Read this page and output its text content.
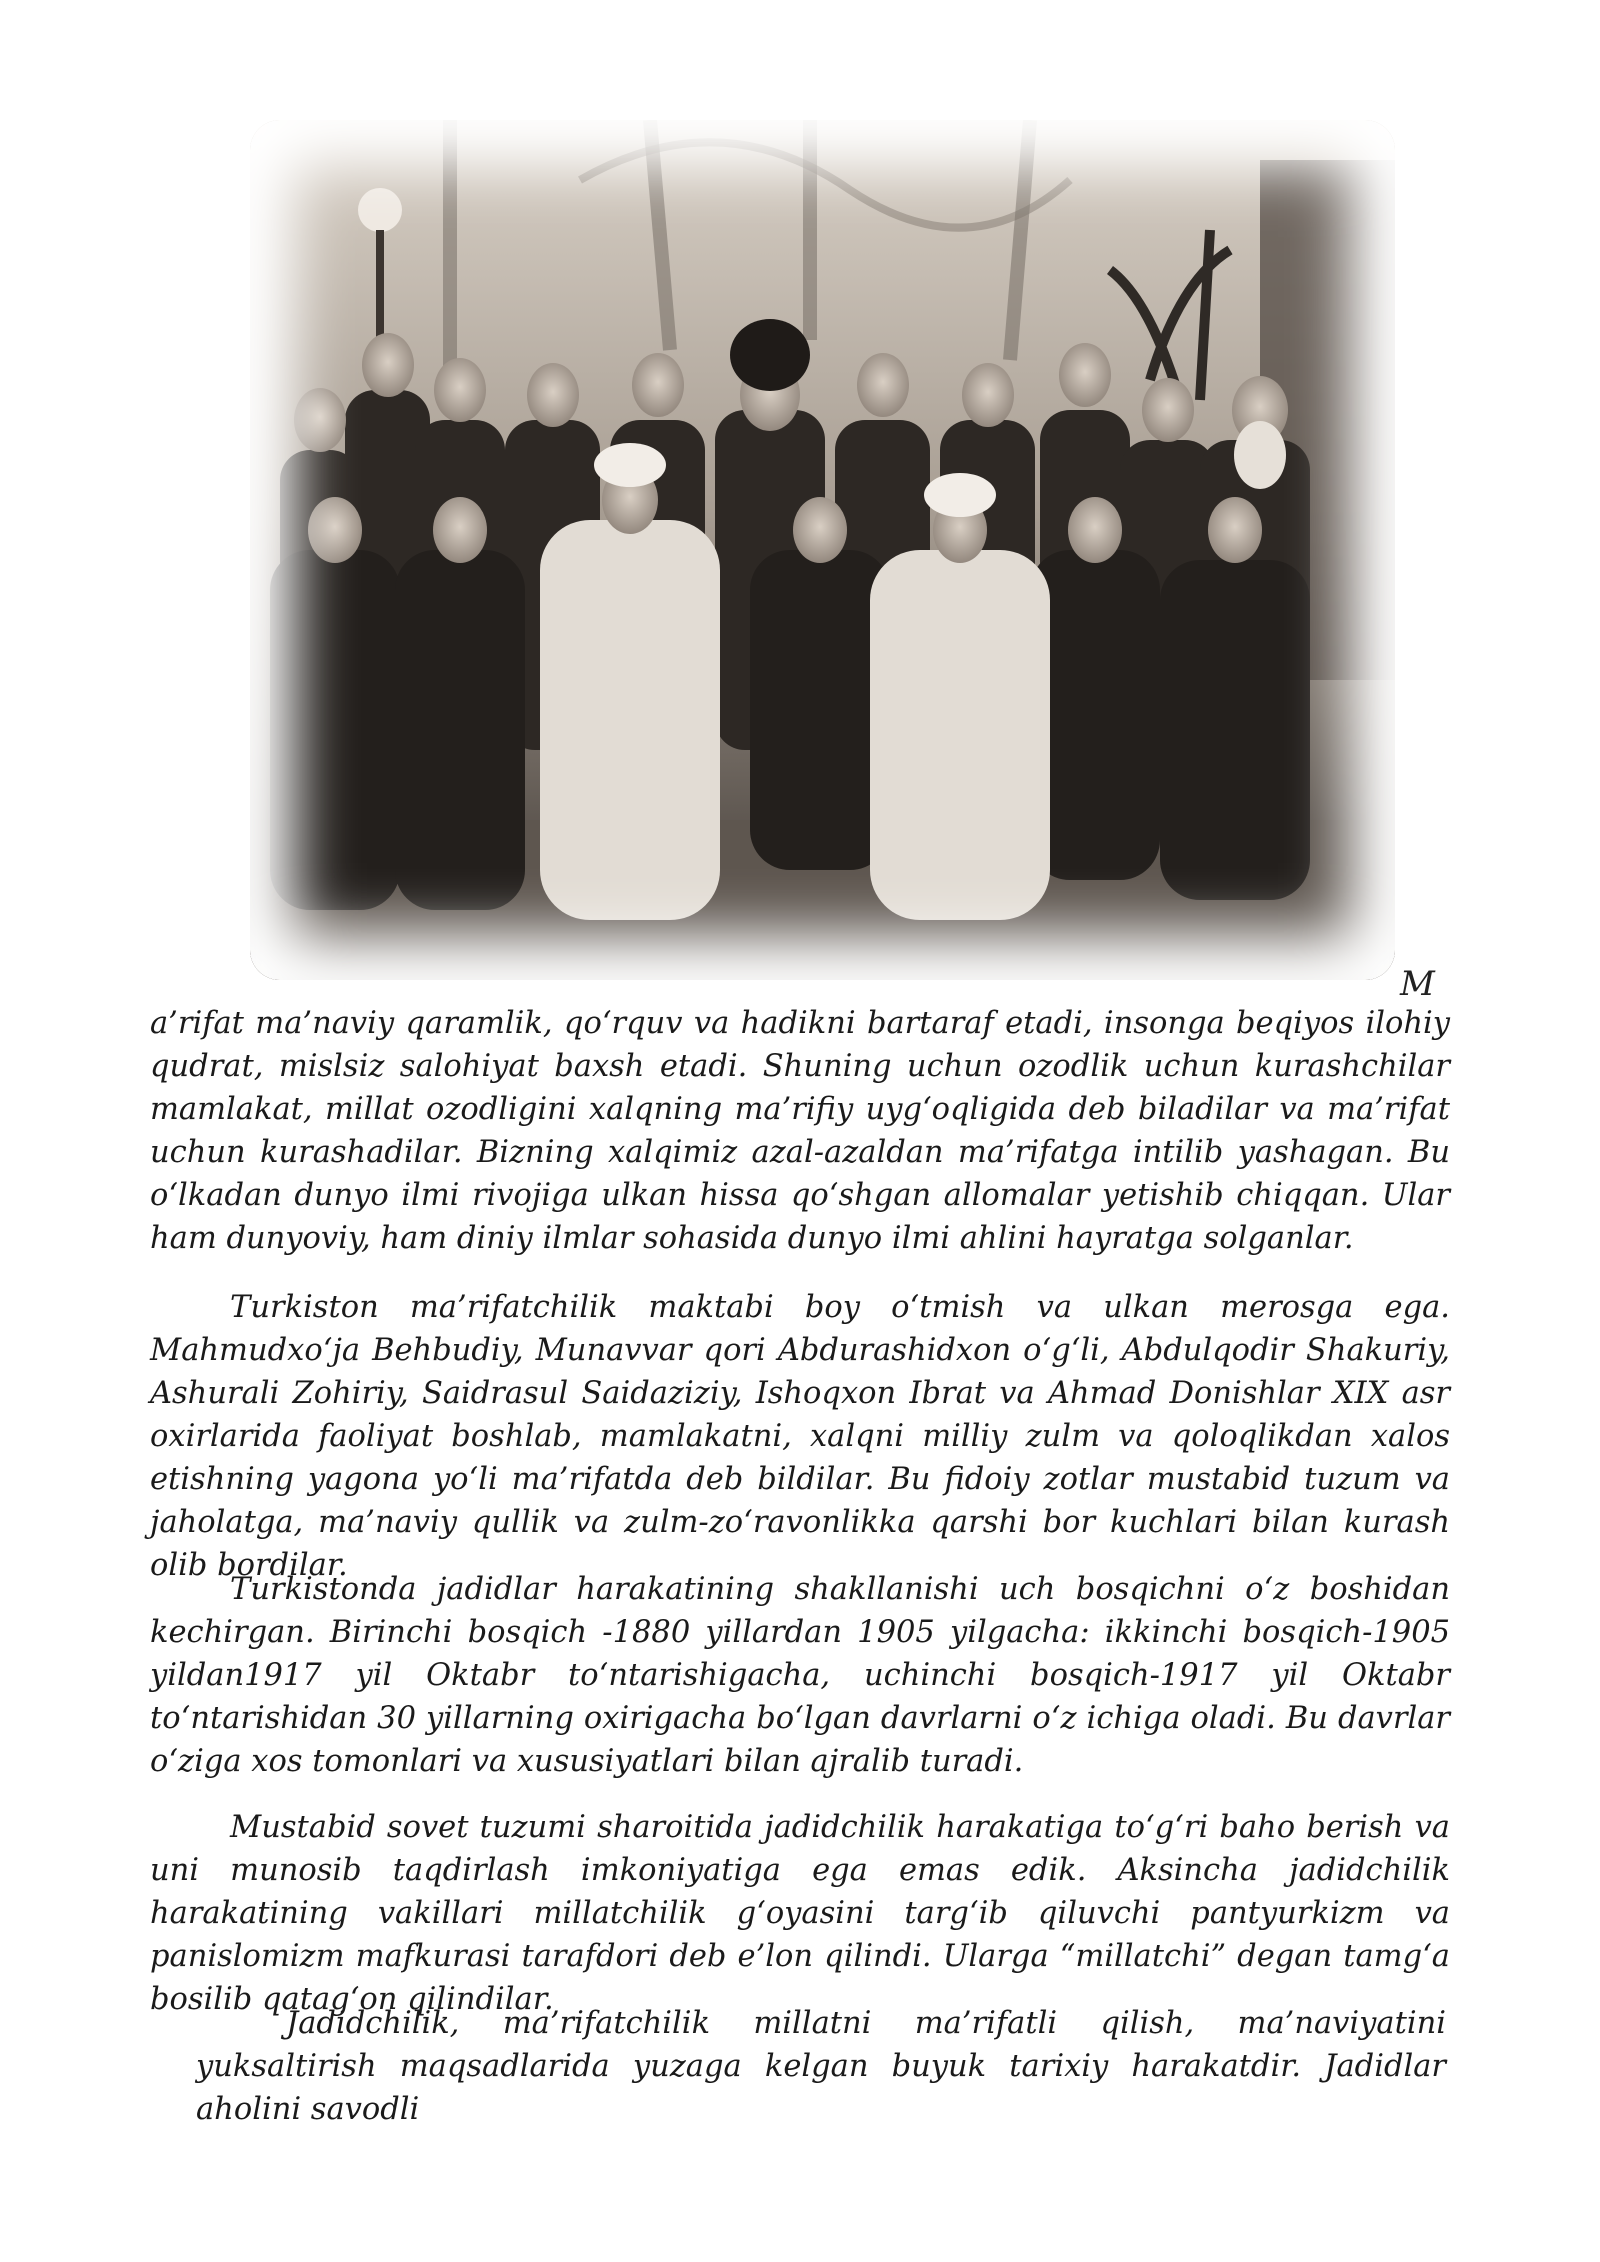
M

a’rifat ma’naviy qaramlik, qo‘rquv va hadikni bartaraf etadi, insonga beqiyos ilohiy qudrat, mislsiz salohiyat baxsh etadi. Shuning uchun ozodlik uchun kurashchilar mamlakat, millat ozodligini xalqning ma’rifiy uyg‘oqligida deb biladilar va ma’rifat uchun kurashadilar. Bizning xalqimiz azal-azaldan ma’rifatga intilib yashagan. Bu o‘lkadan dunyo ilmi rivojiga ulkan hissa qo‘shgan allomalar yetishib chiqqan. Ular ham dunyoviy, ham diniy ilmlar sohasida dunyo ilmi ahlini hayratga solganlar.

Turkiston ma’rifatchilik maktabi boy o‘tmish va ulkan merosga ega. Mahmudxo‘ja Behbudiy, Munavvar qori Abdurashidxon o‘g‘li, Abdulqodir Shakuriy, Ashurali Zohiriy, Saidrasul Saidaziziy, Ishoqxon Ibrat va Ahmad Donishlar XIX asr oxirlarida faoliyat boshlab, mamlakatni, xalqni milliy zulm va qoloqlikdan xalos etishning yagona yo‘li ma’rifatda deb bildilar. Bu fidoiy zotlar mustabid tuzum va jaholatga, ma’naviy qullik va zulm-zo‘ravonlikka qarshi bor kuchlari bilan kurash olib bordilar.

Turkistonda jadidlar harakatining shakllanishi uch bosqichni o‘z boshidan kechirgan. Birinchi bosqich -1880 yillardan 1905 yilgacha: ikkinchi bosqich-1905 yildan1917 yil Oktabr to‘ntarishigacha, uchinchi bosqich-1917 yil Oktabr to‘ntarishidan 30 yillarning oxirigacha bo‘lgan davrlarni o‘z ichiga oladi. Bu davrlar o‘ziga xos tomonlari va xususiyatlari bilan ajralib turadi.

Mustabid sovet tuzumi sharoitida jadidchilik harakatiga to‘g‘ri baho berish va uni munosib taqdirlash imkoniyatiga ega emas edik. Aksincha jadidchilik harakatining vakillari millatchilik g‘oyasini targ‘ib qiluvchi pantyurkizm va panislomizm mafkurasi tarafdori deb e’lon qilindi. Ularga “millatchi” degan tamg‘a bosilib qatag‘on qilindilar.

Jadidchilik, ma’rifatchilik millatni ma’rifatli qilish, ma’naviyatini yuksaltirish maqsadlarida yuzaga kelgan buyuk tarixiy harakatdir. Jadidlar aholini savodli
